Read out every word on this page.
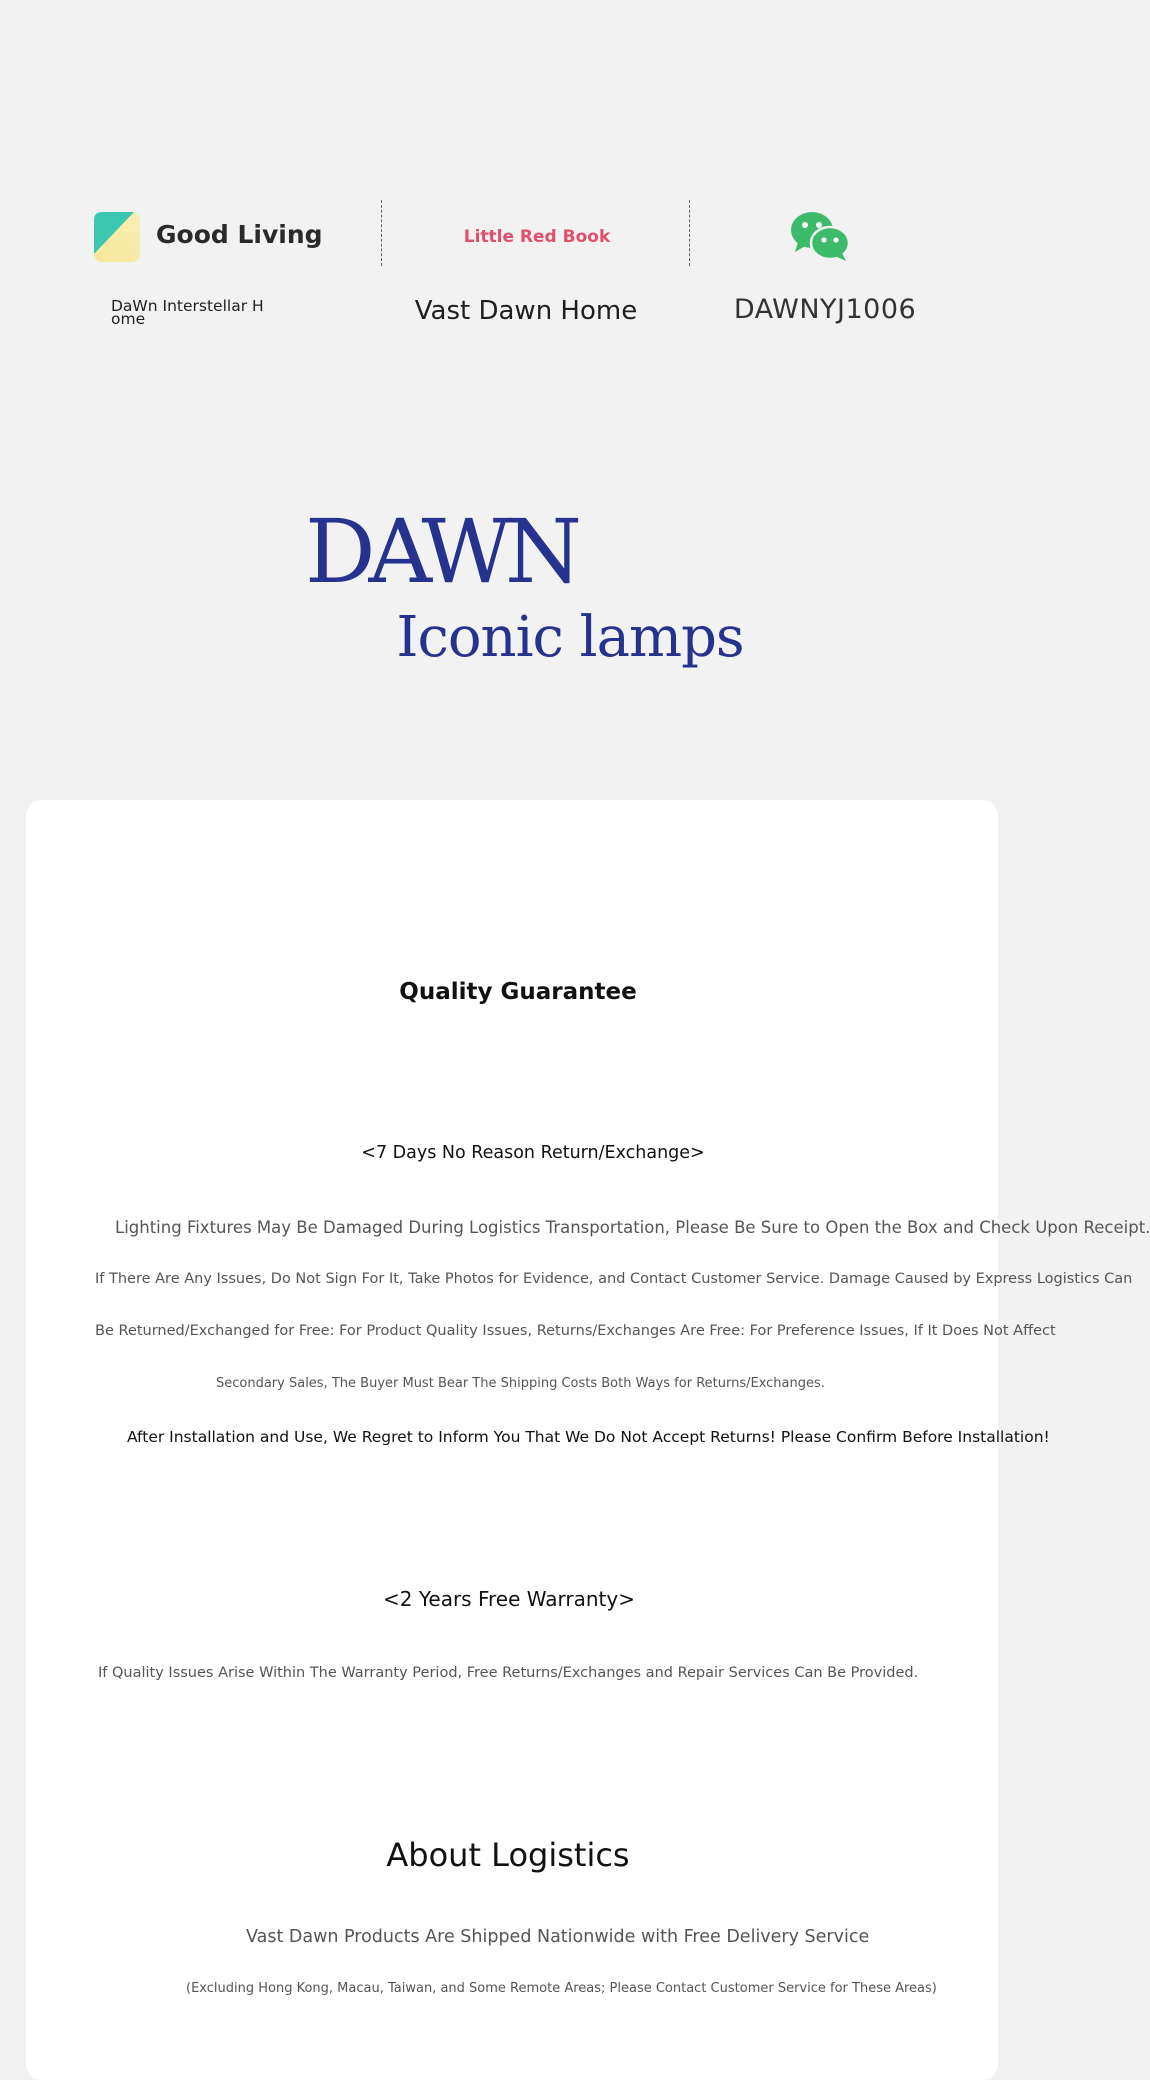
Good Living
DaWn Interstellar Home
Little Red Book
Vast Dawn Home	DAWNYJ1006
DAWN
Iconic lamps
Quality Guarantee
<7 Days No Reason Return/Exchange>
Lighting Fixtures May Be Damaged During Logistics Transportation, Please Be Sure to Open the Box and Check Upon Receipt.
If There Are Any Issues, Do Not Sign For It, Take Photos for Evidence, and Contact Customer Service. Damage Caused by Express Logistics Can
Be Returned/Exchanged for Free: For Product Quality Issues, Returns/Exchanges Are Free: For Preference Issues, If It Does Not Affect
Secondary Sales, The Buyer Must Bear The Shipping Costs Both Ways for Returns/Exchanges.
After Installation and Use, We Regret to Inform You That We Do Not Accept Returns! Please Confirm Before Installation!
<2 Years Free Warranty>
If Quality Issues Arise Within The Warranty Period, Free Returns/Exchanges and Repair Services Can Be Provided.
About Logistics
Vast Dawn Products Are Shipped Nationwide with Free Delivery Service
(Excluding Hong Kong, Macau, Taiwan, and Some Remote Areas; Please Contact Customer Service for These Areas)
